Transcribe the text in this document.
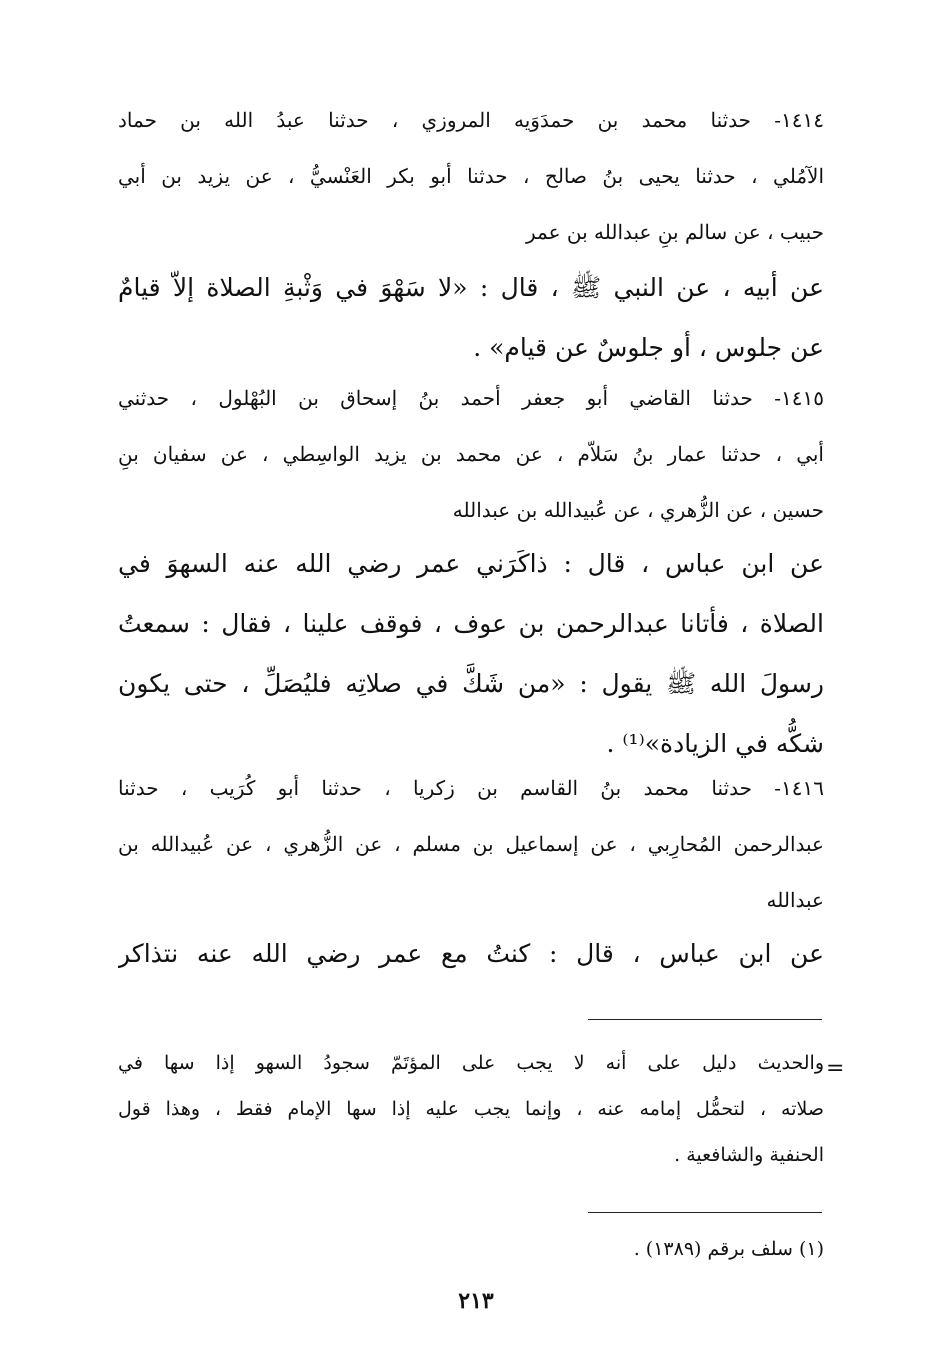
١٤١٤- حدثنا محمد بن حمدَوَيه المروزي ، حدثنا عبدُ الله بن حماد
الآمُلي ، حدثنا يحيى بنُ صالح ، حدثنا أبو بكر العَنْسيُّ ، عن يزيد بن أبي
حبيب ، عن سالم بنِ عبدالله بن عمر
عن أبيه ، عن النبي ﷺ ، قال : «لا سَهْوَ في وَثْبةِ الصلاة إلاّ قيامٌ
عن جلوس ، أو جلوسٌ عن قيام» .
١٤١٥- حدثنا القاضي أبو جعفر أحمد بنُ إسحاق بن البُهْلول ، حدثني
أبي ، حدثنا عمار بنُ سَلاّم ، عن محمد بن يزيد الواسِطي ، عن سفيان بنِ
حسين ، عن الزُّهري ، عن عُبيدالله بن عبدالله
عن ابن عباس ، قال : ذاكَرَني عمر رضي الله عنه السهوَ في
الصلاة ، فأتانا عبدالرحمن بن عوف ، فوقف علينا ، فقال : سمعتُ
رسولَ الله ﷺ يقول : «من شَكَّ في صلاتِه فليُصَلِّ ، حتى يكون
شكُّه في الزيادة»⁽¹⁾ .
١٤١٦- حدثنا محمد بنُ القاسم بن زكريا ، حدثنا أبو كُرَيب ، حدثنا
عبدالرحمن المُحارِبي ، عن إسماعيل بن مسلم ، عن الزُّهري ، عن عُبيدالله بن
عبدالله
عن ابن عباس ، قال : كنتُ مع عمر رضي الله عنه نتذاكر
=
والحديث دليل على أنه لا يجب على المؤتَمّ سجودُ السهو إذا سها في
صلاته ، لتحمُّل إمامه عنه ، وإنما يجب عليه إذا سها الإمام فقط ، وهذا قول
الحنفية والشافعية .
(١) سلف برقم (١٣٨٩) .
٢١٣
